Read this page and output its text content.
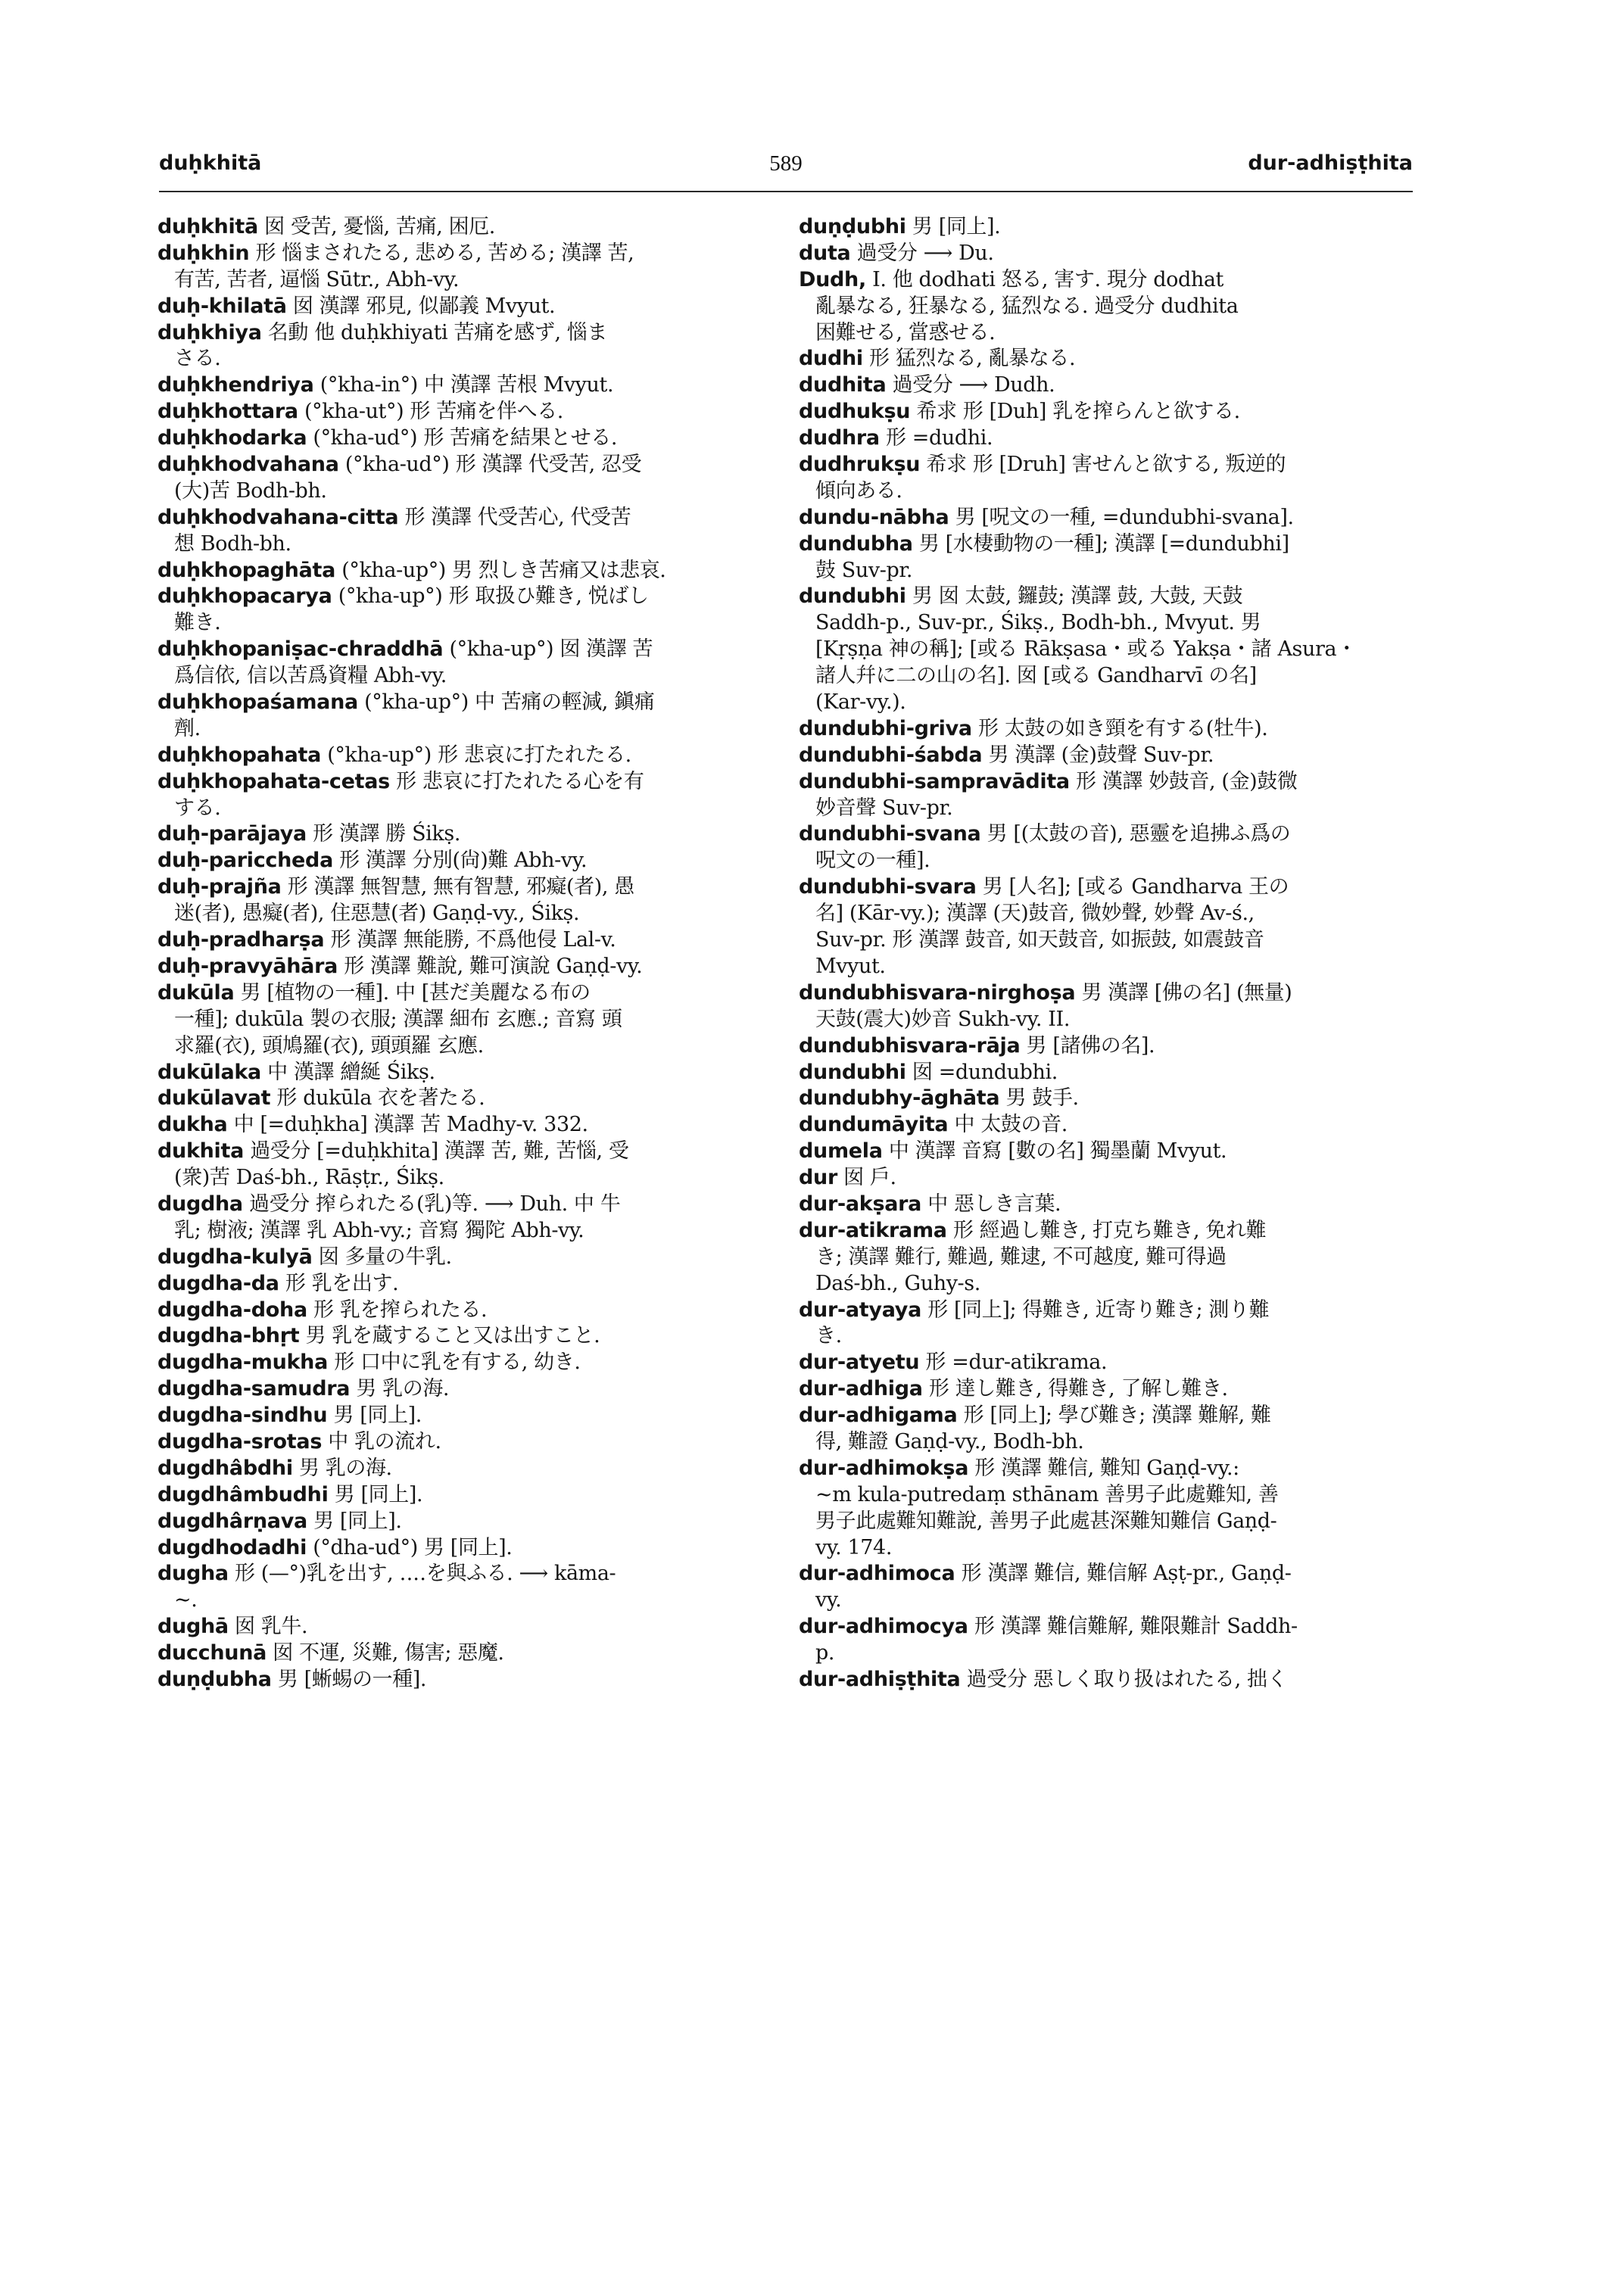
duḥkhitā	589	dur-adhiṣṭhita
duḥkhitā 囡 受苦, 憂惱, 苦痛, 困厄.
duḥkhin 形 惱まされたる, 悲める, 苦める; 漢譯 苦,
有苦, 苦者, 逼惱 Sūtr., Abh-vy.
duḥ-khilatā 囡 漢譯 邪見, 似鄙義 Mvyut.
duḥkhiya 名動 他 duḥkhiyati 苦痛を感ず, 惱ま
さる.
duḥkhendriya (°kha-in°) 中 漢譯 苦根 Mvyut.
duḥkhottara (°kha-ut°) 形 苦痛を伴へる.
duḥkhodarka (°kha-ud°) 形 苦痛を結果とせる.
duḥkhodvahana (°kha-ud°) 形 漢譯 代受苦, 忍受
(大)苦 Bodh-bh.
duḥkhodvahana-citta 形 漢譯 代受苦心, 代受苦
想 Bodh-bh.
duḥkhopaghāta (°kha-up°) 男 烈しき苦痛又は悲哀.
duḥkhopacarya (°kha-up°) 形 取扱ひ難き, 悦ばし
難き.
duḥkhopaniṣac-chraddhā (°kha-up°) 囡 漢譯 苦
爲信依, 信以苦爲資糧 Abh-vy.
duḥkhopaśamana (°kha-up°) 中 苦痛の輕減, 鎭痛
劑.
duḥkhopahata (°kha-up°) 形 悲哀に打たれたる.
duḥkhopahata-cetas 形 悲哀に打たれたる心を有
する.
duḥ-parājaya 形 漢譯 勝 Śikṣ.
duḥ-pariccheda 形 漢譯 分別(尙)難 Abh-vy.
duḥ-prajña 形 漢譯 無智慧, 無有智慧, 邪癡(者), 愚
迷(者), 愚癡(者), 住惡慧(者) Gaṇḍ-vy., Śikṣ.
duḥ-pradharṣa 形 漢譯 無能勝, 不爲他侵 Lal-v.
duḥ-pravyāhāra 形 漢譯 難說, 難可演說 Gaṇḍ-vy.
dukūla 男 [植物の一種]. 中 [甚だ美麗なる布の
一種]; dukūla 製の衣服; 漢譯 細布 玄應.; 音寫 頭
求羅(衣), 頭鳩羅(衣), 頭頭羅 玄應.
dukūlaka 中 漢譯 繒綖 Śikṣ.
dukūlavat 形 dukūla 衣を著たる.
dukha 中 [=duḥkha] 漢譯 苦 Madhy-v. 332.
dukhita 過受分 [=duḥkhita] 漢譯 苦, 難, 苦惱, 受
(衆)苦 Daś-bh., Rāṣṭr., Śikṣ.
dugdha 過受分 搾られたる(乳)等. ⟶ Duh. 中 牛
乳; 樹液; 漢譯 乳 Abh-vy.; 音寫 獨陀 Abh-vy.
dugdha-kulyā 囡 多量の牛乳.
dugdha-da 形 乳を出す.
dugdha-doha 形 乳を搾られたる.
dugdha-bhṛt 男 乳を蔵すること又は出すこと.
dugdha-mukha 形 口中に乳を有する, 幼き.
dugdha-samudra 男 乳の海.
dugdha-sindhu 男 [同上].
dugdha-srotas 中 乳の流れ.
dugdhâbdhi 男 乳の海.
dugdhâmbudhi 男 [同上].
dugdhârṇava 男 [同上].
dugdhodadhi (°dha-ud°) 男 [同上].
dugha 形 (—°)乳を出す, ‥‥を與ふる. ⟶ kāma-
∼.
dughā 囡 乳牛.
ducchunā 囡 不運, 災難, 傷害; 惡魔.
duṇḍubha 男 [蜥蜴の一種].
duṇḍubhi 男 [同上].
duta 過受分 ⟶ Du.
Dudh, I. 他 dodhati 怒る, 害す. 現分 dodhat
亂暴なる, 狂暴なる, 猛烈なる. 過受分 dudhita
困難せる, 當惑せる.
dudhi 形 猛烈なる, 亂暴なる.
dudhita 過受分 ⟶ Dudh.
dudhukṣu 希求 形 [Duh] 乳を搾らんと欲する.
dudhra 形 =dudhi.
dudhrukṣu 希求 形 [Druh] 害せんと欲する, 叛逆的
傾向ある.
dundu-nābha 男 [呪文の一種, =dundubhi-svana].
dundubha 男 [水棲動物の一種]; 漢譯 [=dundubhi]
鼓 Suv-pr.
dundubhi 男 囡 太鼓, 鑼鼓; 漢譯 鼓, 大鼓, 天鼓
Saddh-p., Suv-pr., Śikṣ., Bodh-bh., Mvyut. 男
[Kṛṣṇa 神の稱]; [或る Rākṣasa・或る Yakṣa・諸 Asura・
諸人幷に二の山の名]. 囡 [或る Gandharvī の名]
(Kar-vy.).
dundubhi-griva 形 太鼓の如き頸を有する(牡牛).
dundubhi-śabda 男 漢譯 (金)鼓聲 Suv-pr.
dundubhi-sampravādita 形 漢譯 妙鼓音, (金)鼓微
妙音聲 Suv-pr.
dundubhi-svana 男 [(太鼓の音), 惡靈を追拂ふ爲の
呪文の一種].
dundubhi-svara 男 [人名]; [或る Gandharva 王の
名] (Kār-vy.); 漢譯 (天)鼓音, 微妙聲, 妙聲 Av-ś.,
Suv-pr. 形 漢譯 鼓音, 如天鼓音, 如振鼓, 如震鼓音
Mvyut.
dundubhisvara-nirghoṣa 男 漢譯 [佛の名] (無量)
天鼓(震大)妙音 Sukh-vy. II.
dundubhisvara-rāja 男 [諸佛の名].
dundubhi 囡 =dundubhi.
dundubhy-āghāta 男 鼓手.
dundumāyita 中 太鼓の音.
dumela 中 漢譯 音寫 [數の名] 獨墨蘭 Mvyut.
dur 囡 戶.
dur-akṣara 中 惡しき言葉.
dur-atikrama 形 經過し難き, 打克ち難き, 免れ難
き; 漢譯 難行, 難過, 難逮, 不可越度, 難可得過
Daś-bh., Guhy-s.
dur-atyaya 形 [同上]; 得難き, 近寄り難き; 測り難
き.
dur-atyetu 形 =dur-atikrama.
dur-adhiga 形 達し難き, 得難き, 了解し難き.
dur-adhigama 形 [同上]; 學び難き; 漢譯 難解, 難
得, 難證 Gaṇḍ-vy., Bodh-bh.
dur-adhimokṣa 形 漢譯 難信, 難知 Gaṇḍ-vy.:
∼m kula-putredaṃ sthānam 善男子此處難知, 善
男子此處難知難說, 善男子此處甚深難知難信 Gaṇḍ-
vy. 174.
dur-adhimoca 形 漢譯 難信, 難信解 Aṣṭ-pr., Gaṇḍ-
vy.
dur-adhimocya 形 漢譯 難信難解, 難限難計 Saddh-
p.
dur-adhiṣṭhita 過受分 惡しく取り扱はれたる, 拙く
